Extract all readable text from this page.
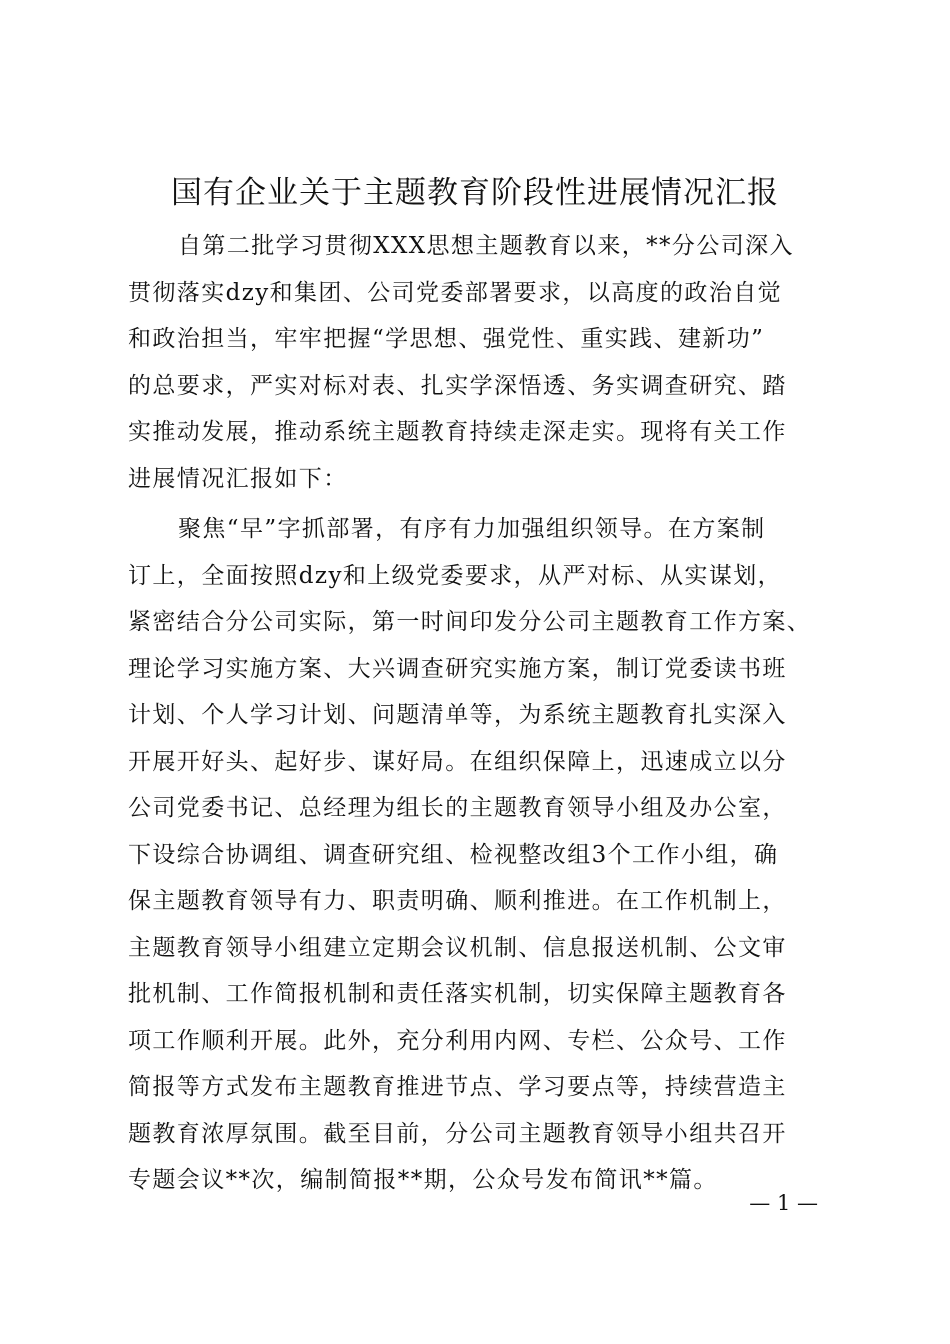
国有企业关于主题教育阶段性进展情况汇报
自第二批学习贯彻XXX思想主题教育以来，**分公司深入
贯彻落实dzy和集团、公司党委部署要求，以高度的政治自觉
和政治担当，牢牢把握“学思想、强党性、重实践、建新功”
的总要求，严实对标对表、扎实学深悟透、务实调查研究、踏
实推动发展，推动系统主题教育持续走深走实。现将有关工作
进展情况汇报如下：
聚焦“早”字抓部署，有序有力加强组织领导。在方案制
订上，全面按照dzy和上级党委要求，从严对标、从实谋划，
紧密结合分公司实际，第一时间印发分公司主题教育工作方案、
理论学习实施方案、大兴调查研究实施方案，制订党委读书班
计划、个人学习计划、问题清单等，为系统主题教育扎实深入
开展开好头、起好步、谋好局。在组织保障上，迅速成立以分
公司党委书记、总经理为组长的主题教育领导小组及办公室，
下设综合协调组、调查研究组、检视整改组3个工作小组，确
保主题教育领导有力、职责明确、顺利推进。在工作机制上，
主题教育领导小组建立定期会议机制、信息报送机制、公文审
批机制、工作简报机制和责任落实机制，切实保障主题教育各
项工作顺利开展。此外，充分利用内网、专栏、公众号、工作
简报等方式发布主题教育推进节点、学习要点等，持续营造主
题教育浓厚氛围。截至目前，分公司主题教育领导小组共召开
专题会议**次，编制简报**期，公众号发布简讯**篇。
— 1 —
